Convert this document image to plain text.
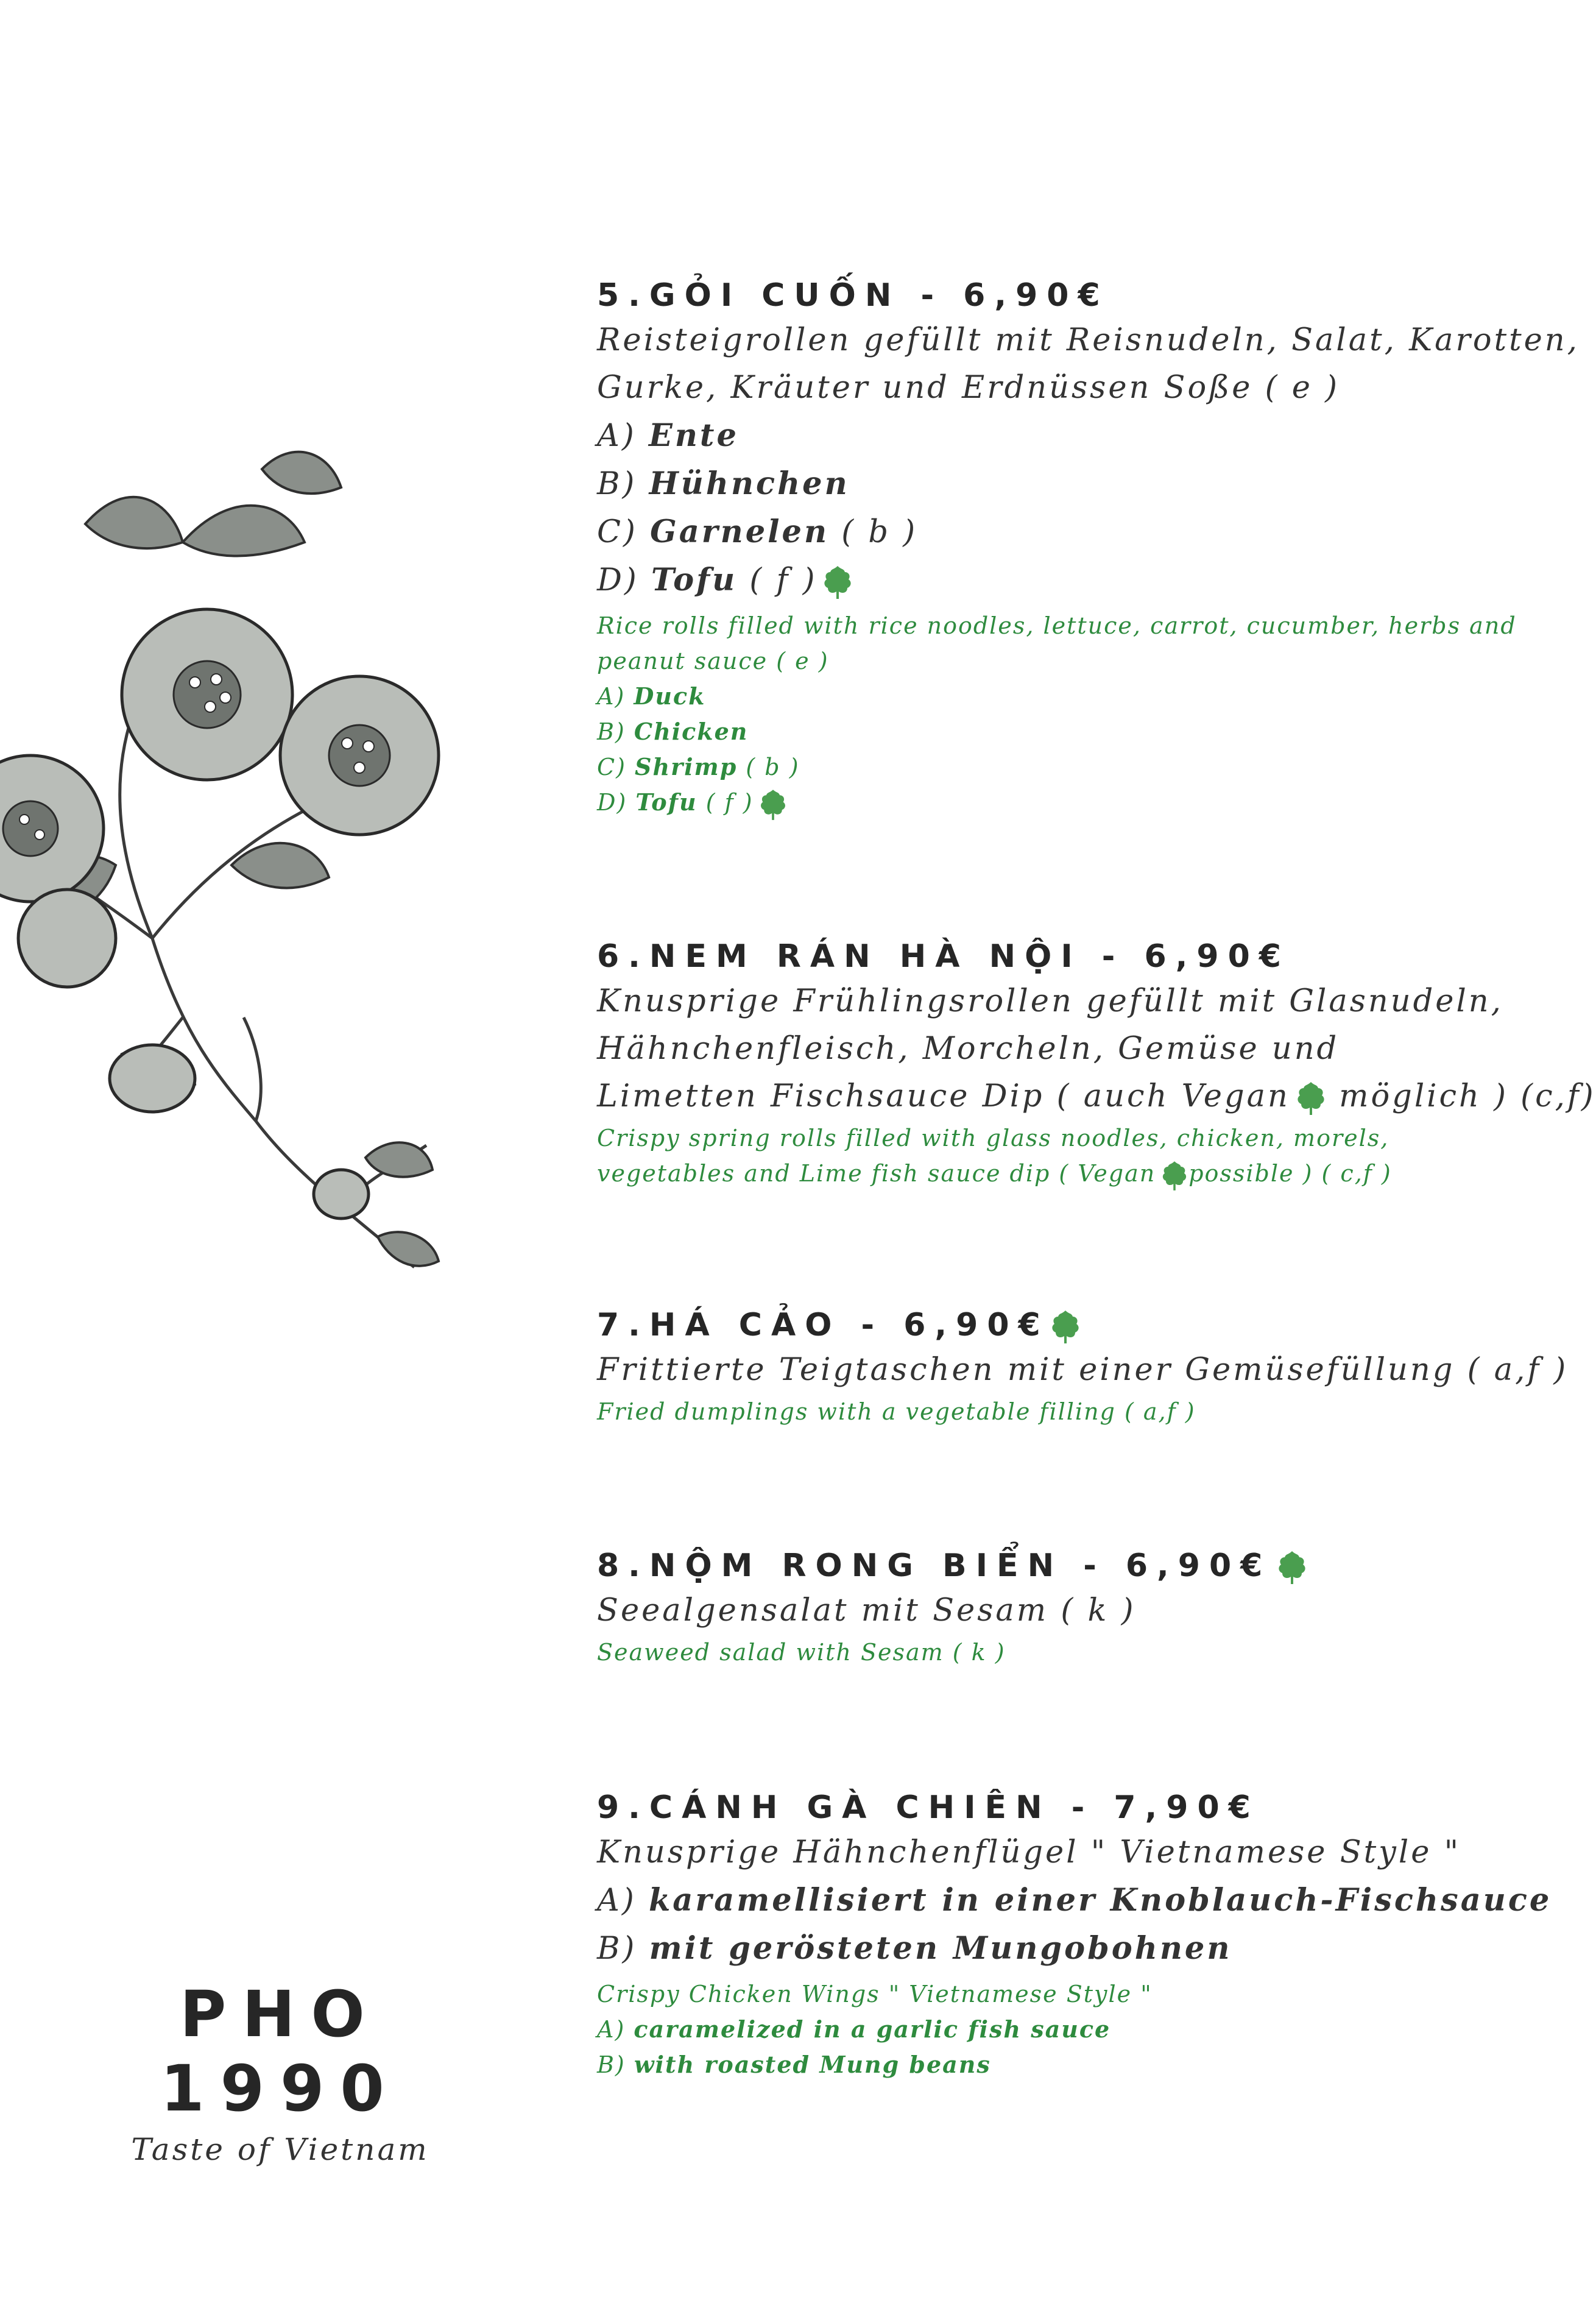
5.GỎI CUỐN - 6,90€
Reisteigrollen gefüllt mit Reisnudeln, Salat, Karotten,
Gurke, Kräuter und Erdnüssen Soße ( e )
A) Ente
B) Hühnchen
C) Garnelen ( b )
D) Tofu ( f )
Rice rolls filled with rice noodles, lettuce, carrot, cucumber, herbs and
peanut sauce ( e )
A) Duck
B) Chicken
C) Shrimp ( b )
D) Tofu ( f )
6.NEM RÁN HÀ NỘI - 6,90€
Knusprige Frühlingsrollen gefüllt mit Glasnudeln,
Hähnchenfleisch, Morcheln, Gemüse und
Limetten Fischsauce Dip ( auch Vegan möglich ) (c,f)
Crispy spring rolls filled with glass noodles, chicken, morels,
vegetables and Lime fish sauce dip ( Vegan possible ) ( c,f )
7.HÁ CẢO - 6,90€
Frittierte Teigtaschen mit einer Gemüsefüllung ( a,f )
Fried dumplings with a vegetable filling ( a,f )
8.NỘM RONG BIỂN - 6,90€
Seealgensalat mit Sesam ( k )
Seaweed salad with Sesam ( k )
9.CÁNH GÀ CHIÊN - 7,90€
Knusprige Hähnchenflügel " Vietnamese Style "
A) karamellisiert in einer Knoblauch-Fischsauce
B) mit gerösteten Mungobohnen
Crispy Chicken Wings " Vietnamese Style "
A) caramelized in a garlic fish sauce
B) with roasted Mung beans
PHO 1990
Taste of Vietnam
